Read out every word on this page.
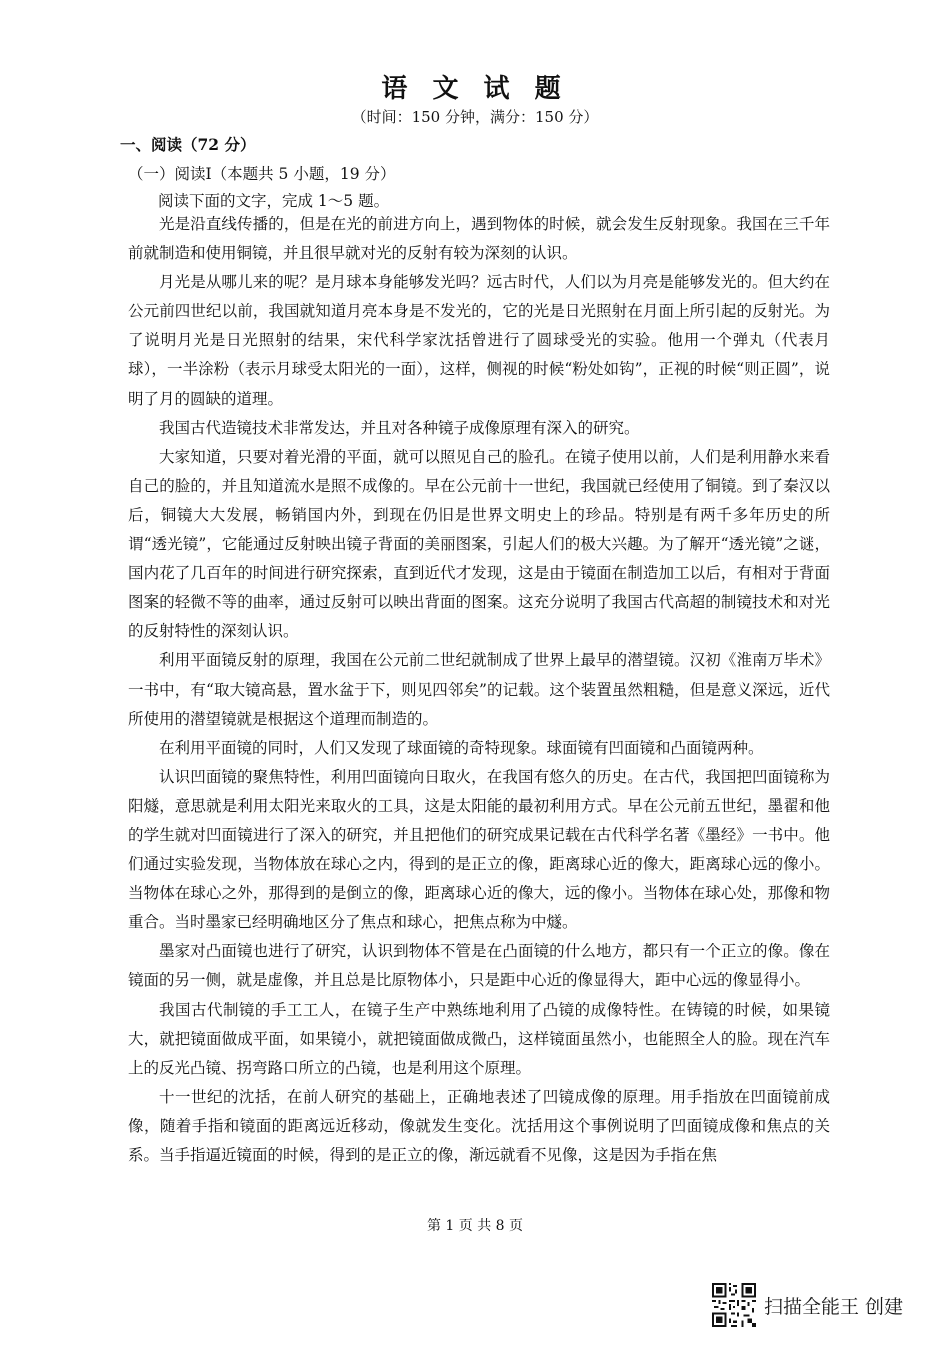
语 文 试 题
（时间：150 分钟，满分：150 分）
一、阅读（72 分）
（一）阅读Ⅰ（本题共 5 小题，19 分）
阅读下面的文字，完成 1～5 题。

光是沿直线传播的，但是在光的前进方向上，遇到物体的时候，就会发生反射现象。我国在三千年前就制造和使用铜镜，并且很早就对光的反射有较为深刻的认识。

月光是从哪儿来的呢？是月球本身能够发光吗？远古时代，人们以为月亮是能够发光的。但大约在公元前四世纪以前，我国就知道月亮本身是不发光的，它的光是日光照射在月面上所引起的反射光。为了说明月光是日光照射的结果，宋代科学家沈括曾进行了圆球受光的实验。他用一个弹丸（代表月球），一半涂粉（表示月球受太阳光的一面），这样，侧视的时候“粉处如钩”，正视的时候“则正圆”，说明了月的圆缺的道理。

我国古代造镜技术非常发达，并且对各种镜子成像原理有深入的研究。

大家知道，只要对着光滑的平面，就可以照见自己的脸孔。在镜子使用以前，人们是利用静水来看自己的脸的，并且知道流水是照不成像的。早在公元前十一世纪，我国就已经使用了铜镜。到了秦汉以后，铜镜大大发展，畅销国内外，到现在仍旧是世界文明史上的珍品。特别是有两千多年历史的所谓“透光镜”，它能通过反射映出镜子背面的美丽图案，引起人们的极大兴趣。为了解开“透光镜”之谜，国内花了几百年的时间进行研究探索，直到近代才发现，这是由于镜面在制造加工以后，有相对于背面图案的轻微不等的曲率，通过反射可以映出背面的图案。这充分说明了我国古代高超的制镜技术和对光的反射特性的深刻认识。

利用平面镜反射的原理，我国在公元前二世纪就制成了世界上最早的潜望镜。汉初《淮南万毕术》一书中，有“取大镜高悬，置水盆于下，则见四邻矣”的记载。这个装置虽然粗糙，但是意义深远，近代所使用的潜望镜就是根据这个道理而制造的。

在利用平面镜的同时，人们又发现了球面镜的奇特现象。球面镜有凹面镜和凸面镜两种。

认识凹面镜的聚焦特性，利用凹面镜向日取火，在我国有悠久的历史。在古代，我国把凹面镜称为阳燧，意思就是利用太阳光来取火的工具，这是太阳能的最初利用方式。早在公元前五世纪，墨翟和他的学生就对凹面镜进行了深入的研究，并且把他们的研究成果记载在古代科学名著《墨经》一书中。他们通过实验发现，当物体放在球心之内，得到的是正立的像，距离球心近的像大，距离球心远的像小。当物体在球心之外，那得到的是倒立的像，距离球心近的像大，远的像小。当物体在球心处，那像和物重合。当时墨家已经明确地区分了焦点和球心，把焦点称为中燧。

墨家对凸面镜也进行了研究，认识到物体不管是在凸面镜的什么地方，都只有一个正立的像。像在镜面的另一侧，就是虚像，并且总是比原物体小，只是距中心近的像显得大，距中心远的像显得小。

我国古代制镜的手工工人，在镜子生产中熟练地利用了凸镜的成像特性。在铸镜的时候，如果镜大，就把镜面做成平面，如果镜小，就把镜面做成微凸，这样镜面虽然小，也能照全人的脸。现在汽车上的反光凸镜、拐弯路口所立的凸镜，也是利用这个原理。

十一世纪的沈括，在前人研究的基础上，正确地表述了凹镜成像的原理。用手指放在凹面镜前成像，随着手指和镜面的距离远近移动，像就发生变化。沈括用这个事例说明了凹面镜成像和焦点的关系。当手指逼近镜面的时候，得到的是正立的像，渐远就看不见像，这是因为手指在焦

第 1 页 共 8 页
扫描全能王 创建
